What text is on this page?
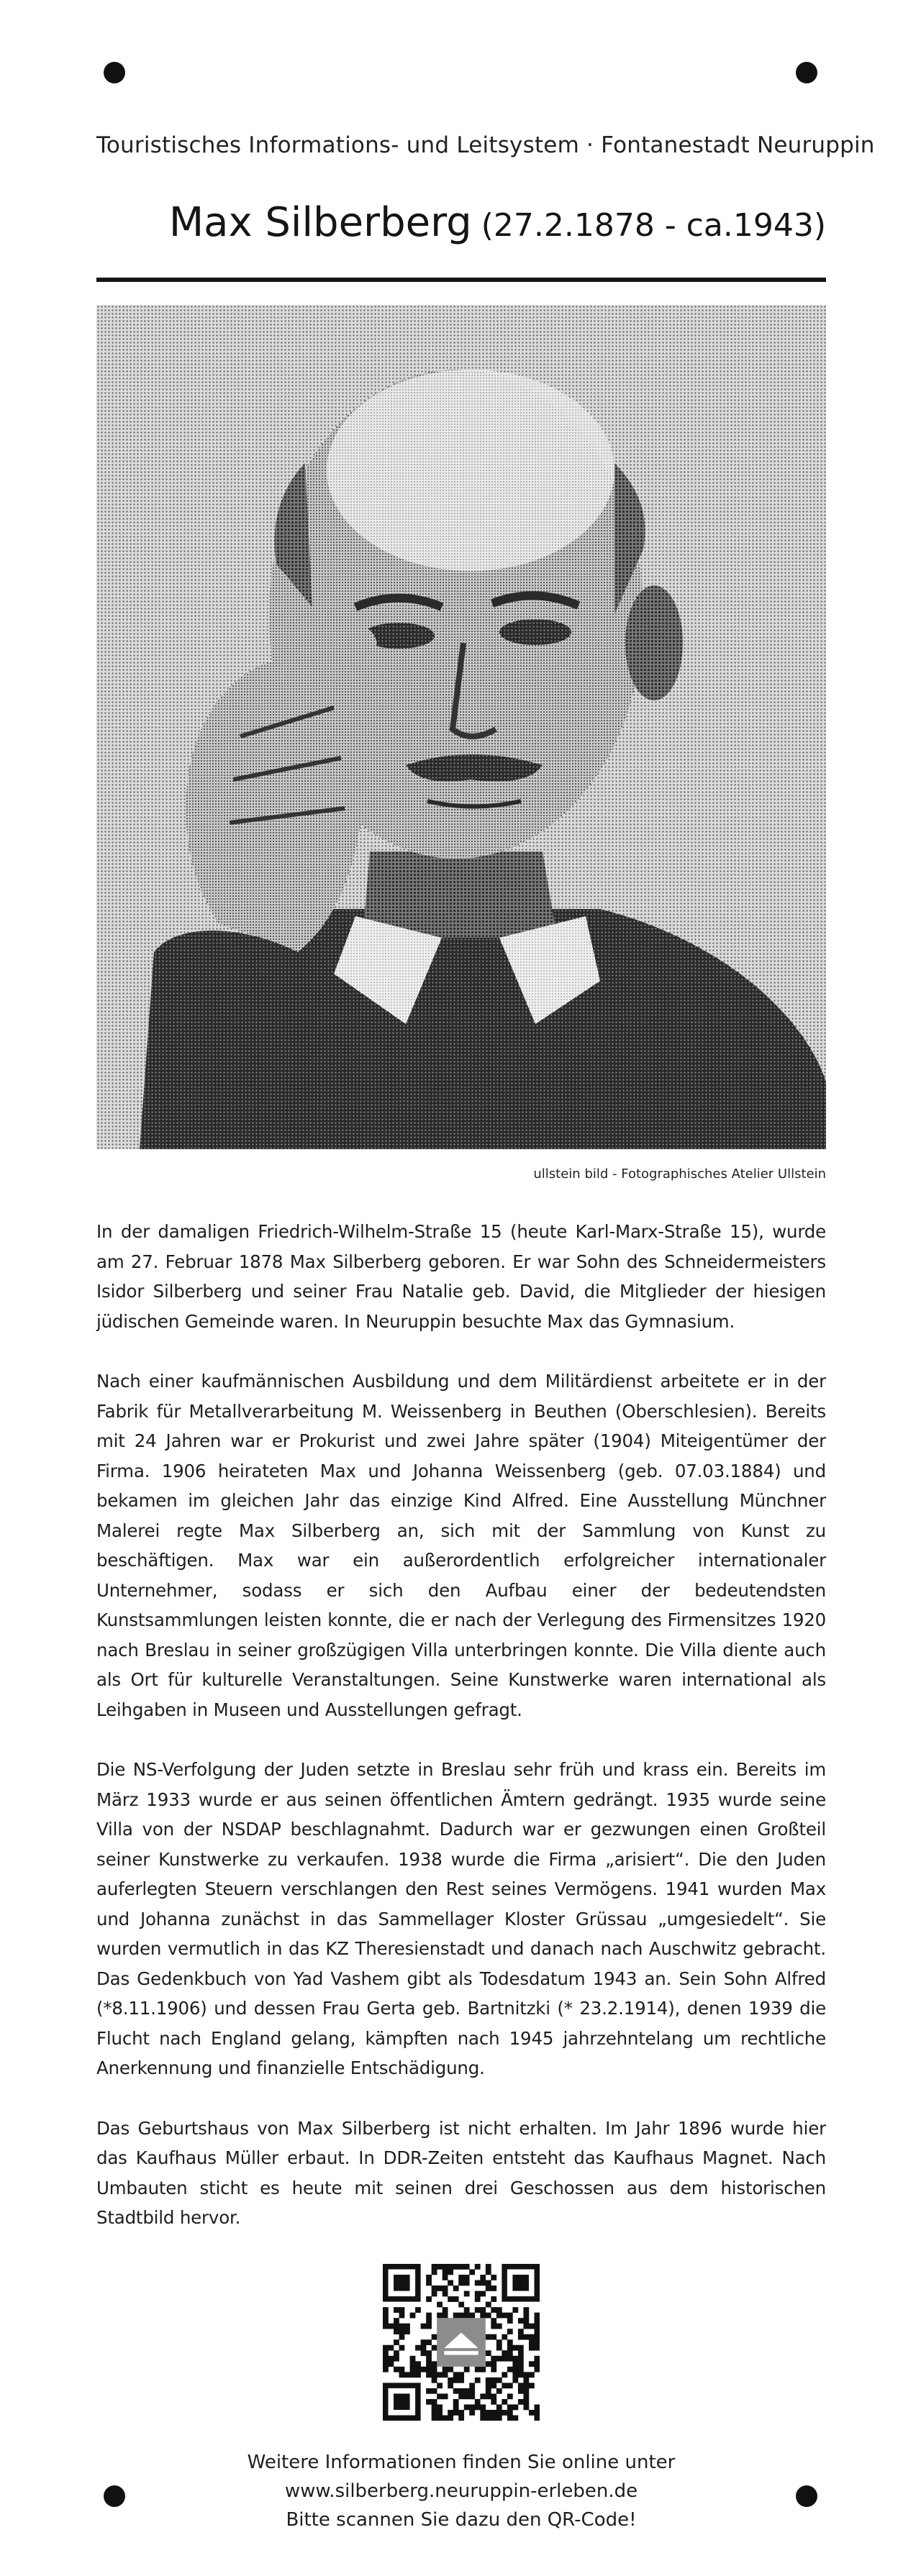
Touristisches Informations- und Leitsystem · Fontanestadt Neuruppin
Max Silberberg (27.2.1878 - ca.1943)
ullstein bild - Fotographisches Atelier Ullstein

In der damaligen Friedrich-Wilhelm-Straße 15 (heute Karl-Marx-Straße 15), wurde am 27. Februar 1878 Max Silberberg geboren. Er war Sohn des Schneidermeisters Isidor Silberberg und seiner Frau Natalie geb. David, die Mitglieder der hiesigen jüdischen Gemeinde waren. In Neuruppin besuchte Max das Gymnasium.

Nach einer kaufmännischen Ausbildung und dem Militärdienst arbeitete er in der Fabrik für Metallverarbeitung M. Weissenberg in Beuthen (Oberschlesien). Bereits mit 24 Jahren war er Prokurist und zwei Jahre später (1904) Miteigentümer der Firma. 1906 heirateten Max und Johanna Weissenberg (geb. 07.03.1884) und bekamen im gleichen Jahr das einzige Kind Alfred. Eine Ausstellung Münchner Malerei regte Max Silberberg an, sich mit der Sammlung von Kunst zu beschäftigen. Max war ein außerordentlich erfolgreicher internationaler Unternehmer, sodass er sich den Aufbau einer der bedeutendsten Kunstsammlungen leisten konnte, die er nach der Verlegung des Firmensitzes 1920 nach Breslau in seiner großzügigen Villa unterbringen konnte. Die Villa diente auch als Ort für kulturelle Veranstaltungen. Seine Kunstwerke waren international als Leihgaben in Museen und Ausstellungen gefragt.

Die NS-Verfolgung der Juden setzte in Breslau sehr früh und krass ein. Bereits im März 1933 wurde er aus seinen öffentlichen Ämtern gedrängt. 1935 wurde seine Villa von der NSDAP beschlagnahmt. Dadurch war er gezwungen einen Großteil seiner Kunstwerke zu verkaufen. 1938 wurde die Firma „arisiert“. Die den Juden auferlegten Steuern verschlangen den Rest seines Vermögens. 1941 wurden Max und Johanna zunächst in das Sammellager Kloster Grüssau „umgesiedelt“. Sie wurden vermutlich in das KZ Theresienstadt und danach nach Auschwitz gebracht. Das Gedenkbuch von Yad Vashem gibt als Todesdatum 1943 an. Sein Sohn Alfred (*8.11.1906) und dessen Frau Gerta geb. Bartnitzki (* 23.2.1914), denen 1939 die Flucht nach England gelang, kämpften nach 1945 jahrzehntelang um rechtliche Anerkennung und finanzielle Entschädigung.

Das Geburtshaus von Max Silberberg ist nicht erhalten. Im Jahr 1896 wurde hier das Kaufhaus Müller erbaut. In DDR-Zeiten entsteht das Kaufhaus Magnet. Nach Umbauten sticht es heute mit seinen drei Geschossen aus dem historischen Stadtbild hervor.

Weitere Informationen finden Sie online unter
www.silberberg.neuruppin-erleben.de
Bitte scannen Sie dazu den QR-Code!
